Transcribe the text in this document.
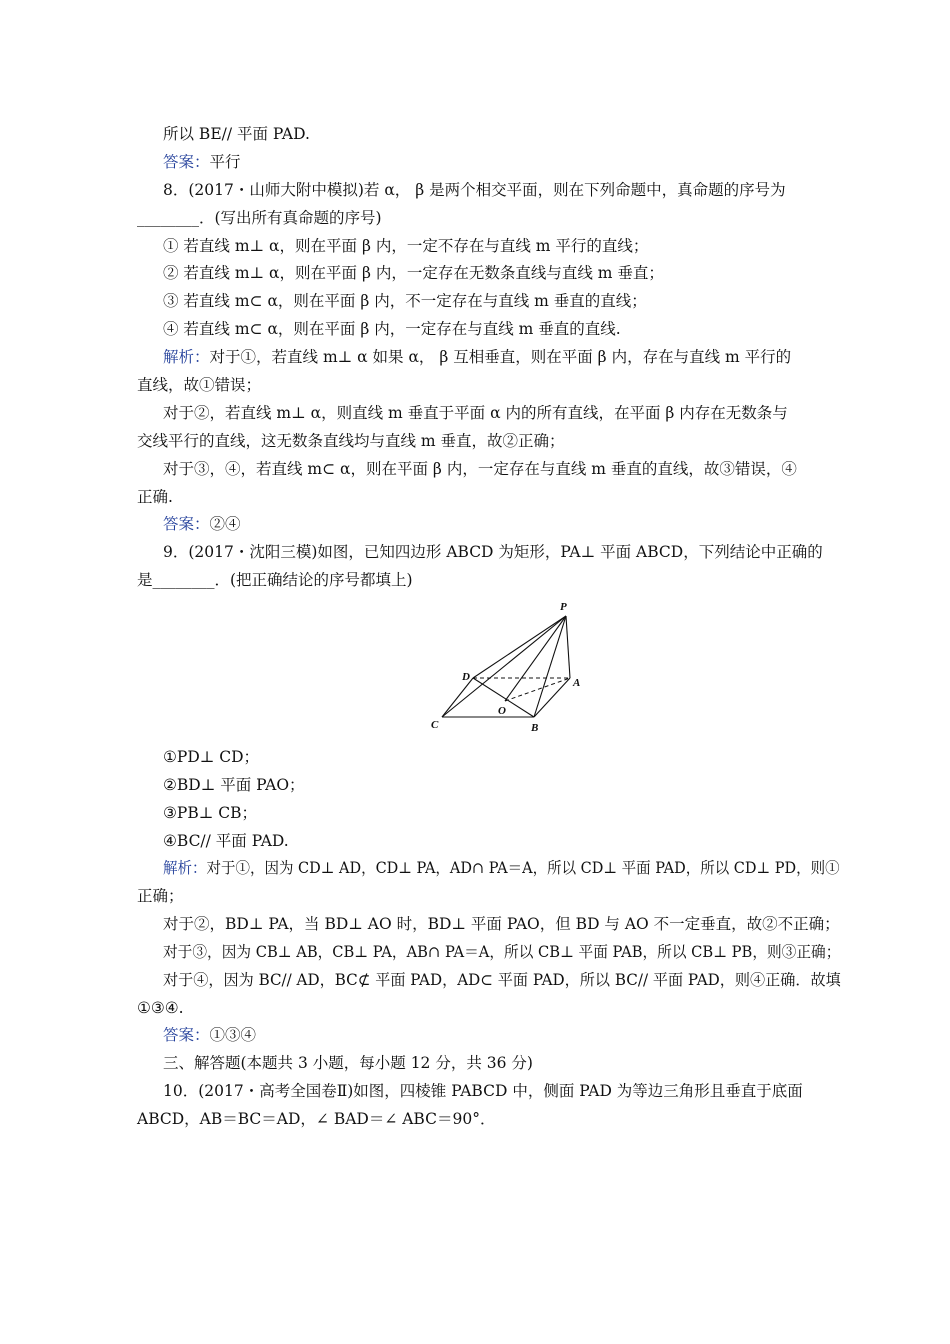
所以 BE// 平面 PAD.
答案：平行
8．(2017・山师大附中模拟)若 α， β 是两个相交平面，则在下列命题中，真命题的序号为
________．(写出所有真命题的序号)
① 若直线 m⊥ α，则在平面 β 内，一定不存在与直线 m 平行的直线；
② 若直线 m⊥ α，则在平面 β 内，一定存在无数条直线与直线 m 垂直；
③ 若直线 m⊂ α，则在平面 β 内，不一定存在与直线 m 垂直的直线；
④ 若直线 m⊂ α，则在平面 β 内，一定存在与直线 m 垂直的直线.
解析：对于①，若直线 m⊥ α 如果 α， β 互相垂直，则在平面 β 内，存在与直线 m 平行的
直线，故①错误；
对于②，若直线 m⊥ α，则直线 m 垂直于平面 α 内的所有直线，在平面 β 内存在无数条与
交线平行的直线，这无数条直线均与直线 m 垂直，故②正确；
对于③，④，若直线 m⊂ α，则在平面 β 内，一定存在与直线 m 垂直的直线，故③错误，④
正确.
答案：②④
9．(2017・沈阳三模)如图，已知四边形 ABCD 为矩形，PA⊥ 平面 ABCD，下列结论中正确的
是________．(把正确结论的序号都填上)
P
D	A
O
C	B
①PD⊥ CD；
②BD⊥ 平面 PAO；
③PB⊥ CB；
④BC// 平面 PAD.
解析：对于①，因为 CD⊥ AD，CD⊥ PA，AD∩ PA＝A，所以 CD⊥ 平面 PAD，所以 CD⊥ PD，则①
正确；
对于②，BD⊥ PA，当 BD⊥ AO 时，BD⊥ 平面 PAO，但 BD 与 AO 不一定垂直，故②不正确；
对于③，因为 CB⊥ AB，CB⊥ PA，AB∩ PA＝A，所以 CB⊥ 平面 PAB，所以 CB⊥ PB，则③正确；
对于④，因为 BC// AD，BC⊄ 平面 PAD，AD⊂ 平面 PAD，所以 BC// 平面 PAD，则④正确．故填
①③④.
答案：①③④
三、解答题(本题共 3 小题，每小题 12 分，共 36 分)
10．(2017・高考全国卷Ⅱ)如图，四棱锥 PABCD 中，侧面 PAD 为等边三角形且垂直于底面
ABCD，AB＝BC＝AD，∠ BAD＝∠ ABC＝90°．
